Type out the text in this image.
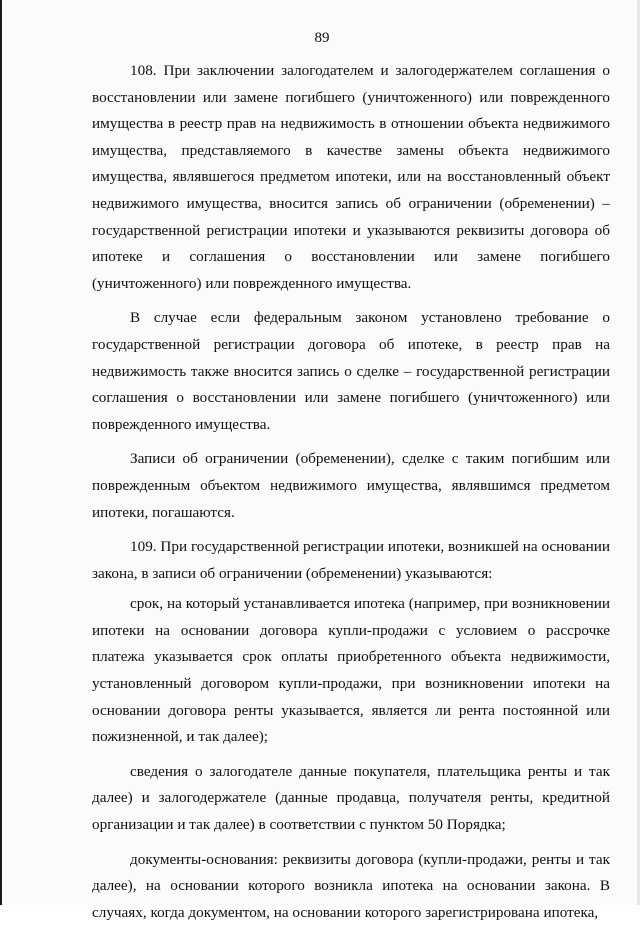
89

108. При заключении залогодателем и залогодержателем соглашения о восстановлении или замене погибшего (уничтоженного) или поврежденного имущества в реестр прав на недвижимость в отношении объекта недвижимого имущества, представляемого в качестве замены объекта недвижимого имущества, являвшегося предметом ипотеки, или на восстановленный объект недвижимого имущества, вносится запись об ограничении (обременении) – государственной регистрации ипотеки и указываются реквизиты договора об ипотеке и соглашения о восстановлении или замене погибшего (уничтоженного) или поврежденного имущества.

В случае если федеральным законом установлено требование о государственной регистрации договора об ипотеке, в реестр прав на недвижимость также вносится запись о сделке – государственной регистрации соглашения о восстановлении или замене погибшего (уничтоженного) или поврежденного имущества.

Записи об ограничении (обременении), сделке с таким погибшим или поврежденным объектом недвижимого имущества, являвшимся предметом ипотеки, погашаются.

109. При государственной регистрации ипотеки, возникшей на основании закона, в записи об ограничении (обременении) указываются:

срок, на который устанавливается ипотека (например, при возникновении ипотеки на основании договора купли-продажи с условием о рассрочке платежа указывается срок оплаты приобретенного объекта недвижимости, установленный договором купли-продажи, при возникновении ипотеки на основании договора ренты указывается, является ли рента постоянной или пожизненной, и так далее);

сведения о залогодателе данные покупателя, плательщика ренты и так далее) и залогодержателе (данные продавца, получателя ренты, кредитной организации и так далее) в соответствии с пунктом 50 Порядка;

документы-основания: реквизиты договора (купли-продажи, ренты и так далее), на основании которого возникла ипотека на основании закона. В случаях, когда документом, на основании которого зарегистрирована ипотека,
